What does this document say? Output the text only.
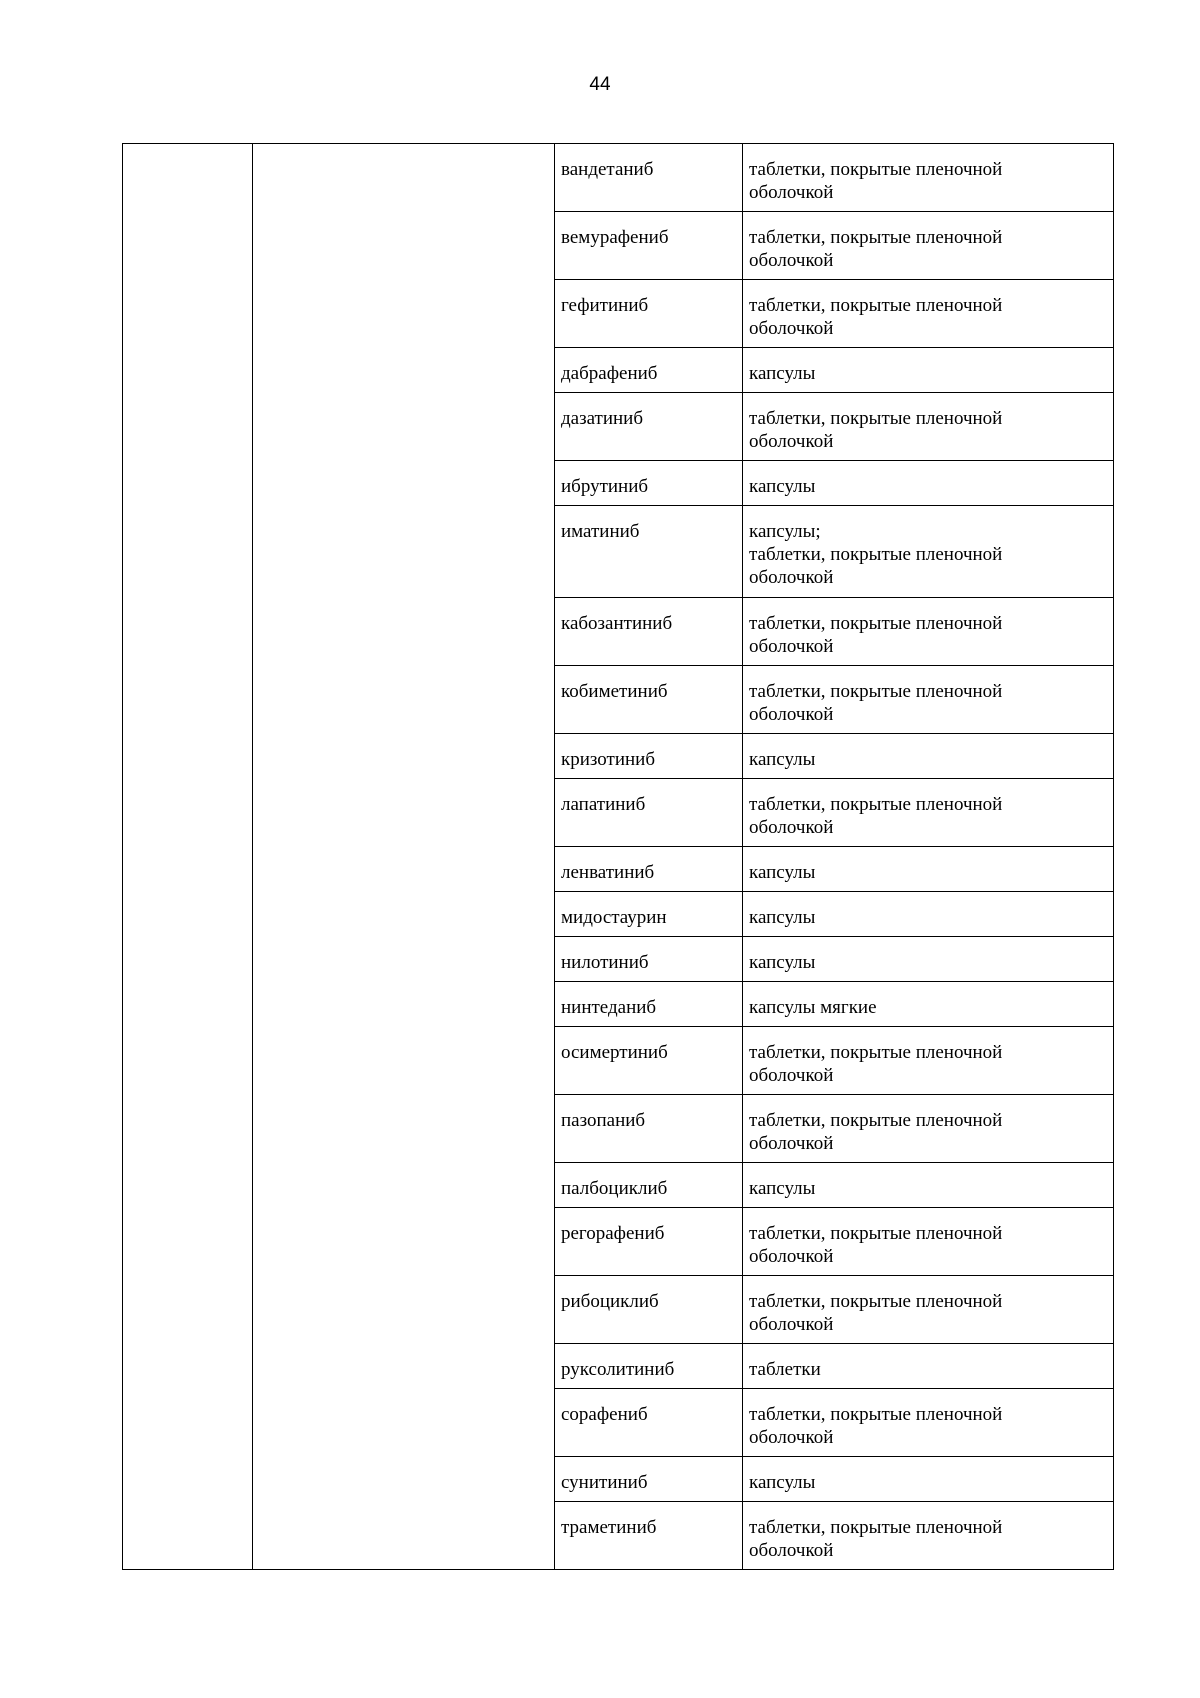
44

		вандетаниб	таблетки, покрытые пленочной
оболочкой

		вемурафениб	таблетки, покрытые пленочной
оболочкой

		гефитиниб	таблетки, покрытые пленочной
оболочкой

		дабрафениб	капсулы

		дазатиниб	таблетки, покрытые пленочной
оболочкой

		ибрутиниб	капсулы

		иматиниб	капсулы;
таблетки, покрытые пленочной
оболочкой

		кабозантиниб	таблетки, покрытые пленочной
оболочкой

		кобиметиниб	таблетки, покрытые пленочной
оболочкой

		кризотиниб	капсулы

		лапатиниб	таблетки, покрытые пленочной
оболочкой

		ленватиниб	капсулы

		мидостаурин	капсулы

		нилотиниб	капсулы

		нинтеданиб	капсулы мягкие

		осимертиниб	таблетки, покрытые пленочной
оболочкой

		пазопаниб	таблетки, покрытые пленочной
оболочкой

		палбоциклиб	капсулы

		регорафениб	таблетки, покрытые пленочной
оболочкой

		рибоциклиб	таблетки, покрытые пленочной
оболочкой

		руксолитиниб	таблетки

		сорафениб	таблетки, покрытые пленочной
оболочкой

		сунитиниб	капсулы

		траметиниб	таблетки, покрытые пленочной
оболочкой
